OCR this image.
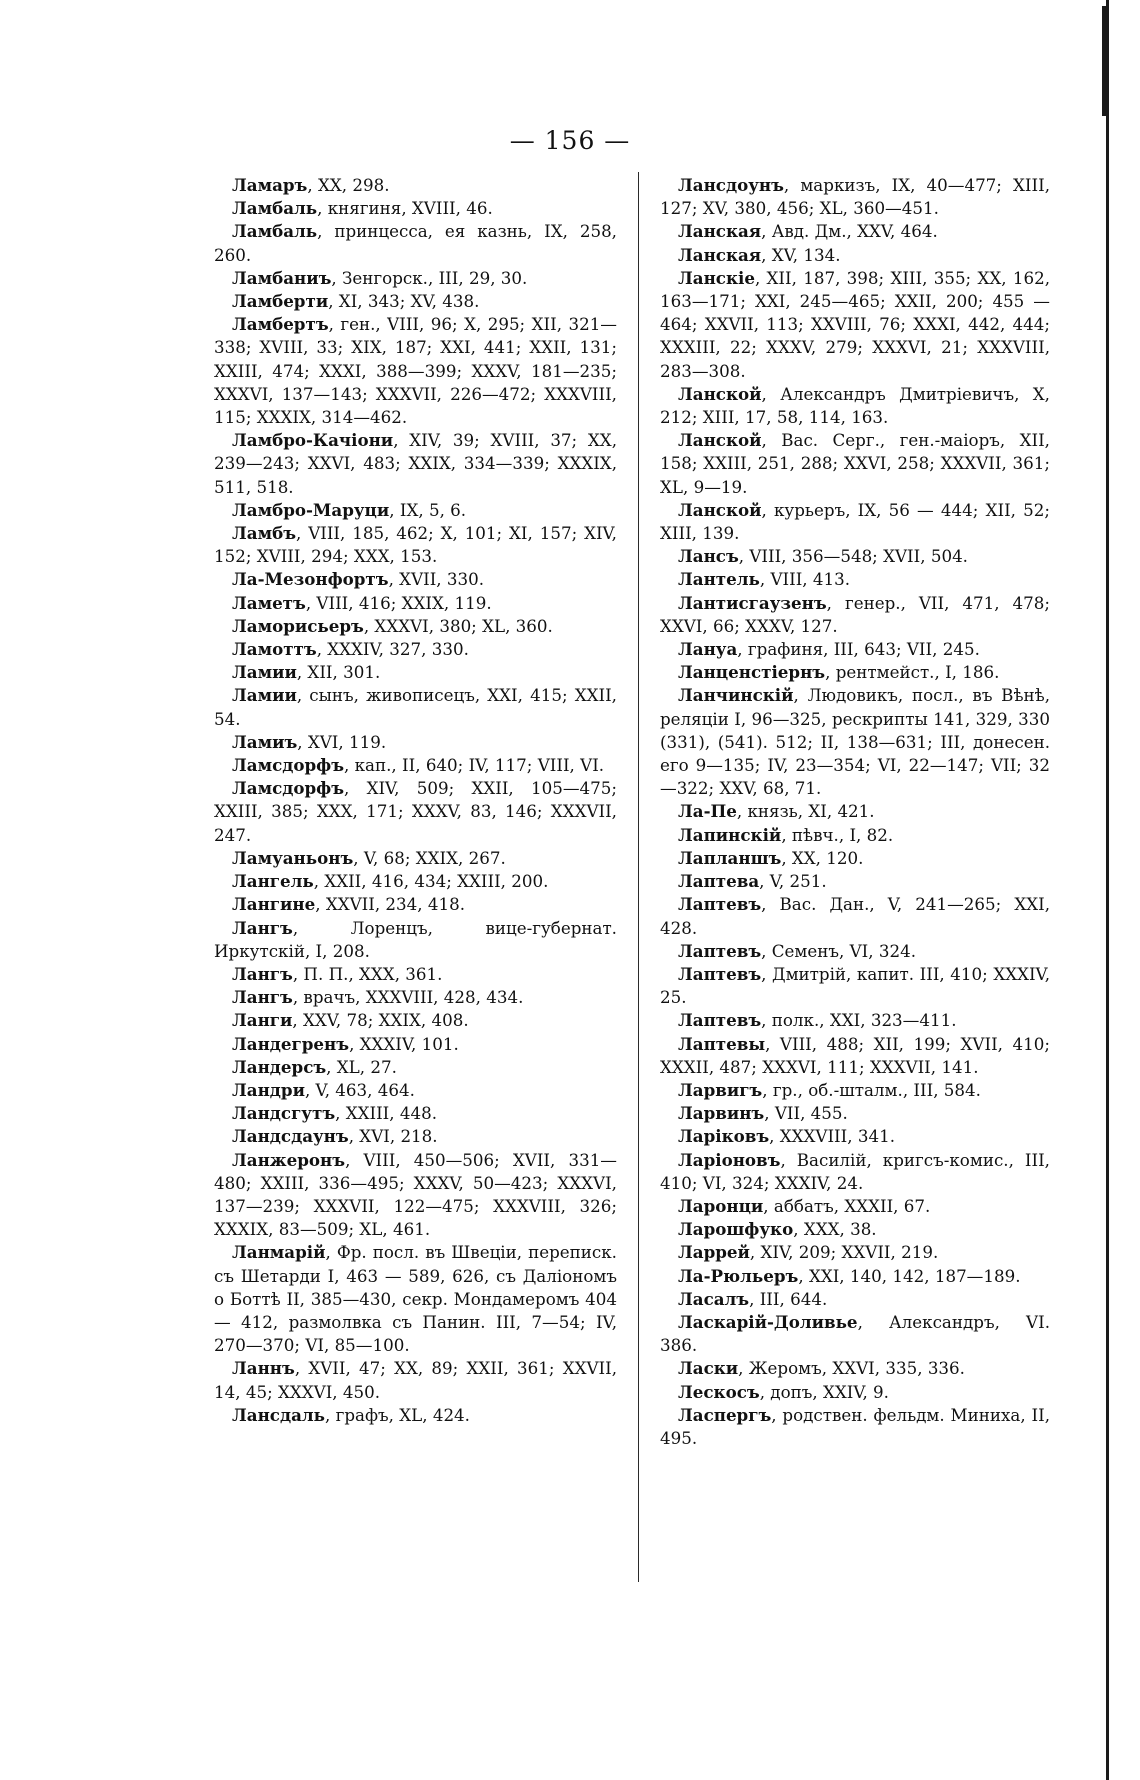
— 156 —

Ламаръ, XX, 298.

Ламбаль, княгиня, XVIII, 46.

Ламбаль, принцесса, ея казнь, IX, 258, 260.

Ламбаниъ, Зенгорск., III, 29, 30.

Ламберти, XI, 343; XV, 438.

Ламбертъ, ген., VIII, 96; X, 295; XII, 321—338; XVIII, 33; XIX, 187; XXI, 441; XXII, 131; XXIII, 474; XXXI, 388—399; XXXV, 181—235; XXXVI, 137—143; XXXVII, 226—472; XXXVIII, 115; XXXIX, 314—462.

Ламбро-Качіони, XIV, 39; XVIII, 37; XX, 239—243; XXVI, 483; XXIX, 334—339; XXXIX, 511, 518.

Ламбро-Маруци, IX, 5, 6.

Ламбъ, VIII, 185, 462; X, 101; XI, 157; XIV, 152; XVIII, 294; XXX, 153.

Ла-Мезонфортъ, XVII, 330.

Ламетъ, VIII, 416; XXIX, 119.

Ламорисьеръ, XXXVI, 380; XL, 360.

Ламоттъ, XXXIV, 327, 330.

Ламии, XII, 301.

Ламии, сынъ, живописецъ, XXI, 415; XXII, 54.

Ламиъ, XVI, 119.

Ламсдорфъ, кап., II, 640; IV, 117; VIII, VI.

Ламсдорфъ, XIV, 509; XXII, 105—475; XXIII, 385; XXX, 171; XXXV, 83, 146; XXXVII, 247.

Ламуаньонъ, V, 68; XXIX, 267.

Лангель, XXII, 416, 434; XXIII, 200.

Лангине, XXVII, 234, 418.

Лангъ, Лоренцъ, вице-губернат. Иркутскій, I, 208.

Лангъ, П. П., XXX, 361.

Лангъ, врачъ, XXXVIII, 428, 434.

Ланги, XXV, 78; XXIX, 408.

Ландегренъ, XXXIV, 101.

Ландерсъ, XL, 27.

Ландри, V, 463, 464.

Ландсгутъ, XXIII, 448.

Ландсдаунъ, XVI, 218.

Ланжеронъ, VIII, 450—506; XVII, 331—480; XXIII, 336—495; XXXV, 50—423; XXXVI, 137—239; XXXVII, 122—475; XXXVIII, 326; XXXIX, 83—509; XL, 461.

Ланмарій, Фр. посл. въ Швеціи, переписк. съ Шетарди I, 463 — 589, 626, съ Даліономъ о Боттѣ II, 385—430, секр. Мондамеромъ 404 — 412, размолвка съ Панин. III, 7—54; IV, 270—370; VI, 85—100.

Ланнъ, XVII, 47; XX, 89; XXII, 361; XXVII, 14, 45; XXXVI, 450.

Лансдаль, графъ, XL, 424.

Лансдоунъ, маркизъ, IX, 40—477; XIII, 127; XV, 380, 456; XL, 360—451.

Ланская, Авд. Дм., XXV, 464.

Ланская, XV, 134.

Ланскіе, XII, 187, 398; XIII, 355; XX, 162, 163—171; XXI, 245—465; XXII, 200; 455 — 464; XXVII, 113; XXVIII, 76; XXXI, 442, 444; XXXIII, 22; XXXV, 279; XXXVI, 21; XXXVIII, 283—308.

Ланской, Александръ Дмитріевичъ, X, 212; XIII, 17, 58, 114, 163.

Ланской, Вас. Серг., ген.-маіоръ, XII, 158; XXIII, 251, 288; XXVI, 258; XXXVII, 361; XL, 9—19.

Ланской, курьеръ, IX, 56 — 444; XII, 52; XIII, 139.

Лансъ, VIII, 356—548; XVII, 504.

Лантель, VIII, 413.

Лантисгаузенъ, генер., VII, 471, 478; XXVI, 66; XXXV, 127.

Лануа, графиня, III, 643; VII, 245.

Ланценстіернъ, рентмейст., I, 186.

Ланчинскій, Людовикъ, посл., въ Вѣнѣ, реляціи I, 96—325, рескрипты 141, 329, 330 (331), (541). 512; II, 138—631; III, донесен. его 9—135; IV, 23—354; VI, 22—147; VII; 32—322; XXV, 68, 71.

Ла-Пе, князь, XI, 421.

Лапинскій, пѣвч., I, 82.

Лапланшъ, XX, 120.

Лаптева, V, 251.

Лаптевъ, Вас. Дан., V, 241—265; XXI, 428.

Лаптевъ, Семенъ, VI, 324.

Лаптевъ, Дмитрій, капит. III, 410; XXXIV, 25.

Лаптевъ, полк., XXI, 323—411.

Лаптевы, VIII, 488; XII, 199; XVII, 410; XXXII, 487; XXXVI, 111; XXXVII, 141.

Ларвигъ, гр., об.-шталм., III, 584.

Ларвинъ, VII, 455.

Ларіковъ, XXXVIII, 341.

Ларіоновъ, Василій, кригсъ-комис., III, 410; VI, 324; XXXIV, 24.

Ларонци, аббатъ, XXXII, 67.

Ларошфуко, XXX, 38.

Ларрей, XIV, 209; XXVII, 219.

Ла-Рюльеръ, XXI, 140, 142, 187—189.

Ласалъ, III, 644.

Ласкарій-Доливье, Александръ, VI. 386.

Ласки, Жеромъ, XXVI, 335, 336.

Лескосъ, допъ, XXIV, 9.

Ласпергъ, родствен. фельдм. Миниха, II, 495.
